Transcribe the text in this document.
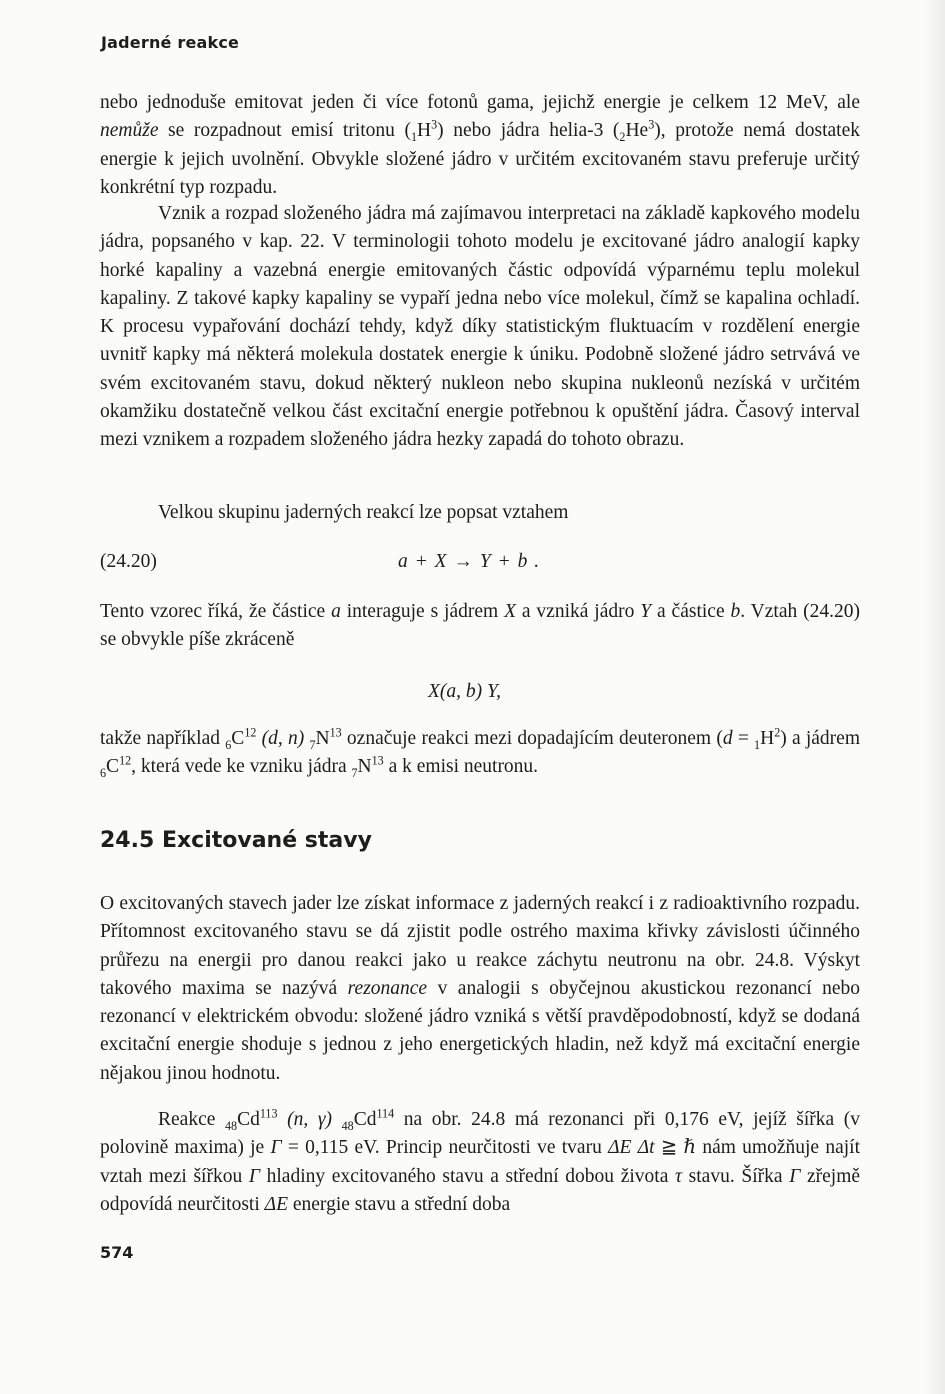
Jaderné reakce

nebo jednoduše emitovat jeden či více fotonů gama, jejichž energie je celkem 12 MeV, ale nemůže se rozpadnout emisí tritonu $(_1H^3)$ nebo jádra helia-3 $(_2He^3)$, protože nemá dostatek energie k jejich uvolnění. Obvykle složené jádro v určitém excitovaném stavu preferuje určitý konkrétní typ rozpadu.

Vznik a rozpad složeného jádra má zajímavou interpretaci na základě kapkového modelu jádra, popsaného v kap. 22. V terminologii tohoto modelu je excitované jádro analogií kapky horké kapaliny a vazebná energie emitovaných částic odpovídá výparnému teplu molekul kapaliny. Z takové kapky kapaliny se vypaří jedna nebo více molekul, čímž se kapalina ochladí. K procesu vypařování dochází tehdy, když díky statistickým fluktuacím v rozdělení energie uvnitř kapky má některá molekula dostatek energie k úniku. Podobně složené jádro setrvává ve svém excitovaném stavu, dokud některý nukleon nebo skupina nukleonů nezíská v určitém okamžiku dostatečně velkou část excitační energie potřebnou k opuštění jádra. Časový interval mezi vznikem a rozpadem složeného jádra hezky zapadá do tohoto obrazu.

Velkou skupinu jaderných reakcí lze popsat vztahem

(24.20)	a + X → Y + b .

Tento vzorec říká, že částice a interaguje s jádrem X a vzniká jádro Y a částice b. Vztah (24.20) se obvykle píše zkráceně

X(a, b) Y,

takže například $_6C^{12}$ (d, n) $_7N^{13}$ označuje reakci mezi dopadajícím deuteronem $(d = _1H^2)$ a jádrem $_6C^{12}$, která vede ke vzniku jádra $_7N^{13}$ a k emisi neutronu.

24.5 Excitované stavy

O excitovaných stavech jader lze získat informace z jaderných reakcí i z radioaktivního rozpadu. Přítomnost excitovaného stavu se dá zjistit podle ostrého maxima křivky závislosti účinného průřezu na energii pro danou reakci jako u reakce záchytu neutronu na obr. 24.8. Výskyt takového maxima se nazývá rezonance v analogii s obyčejnou akustickou rezonancí nebo rezonancí v elektrickém obvodu: složené jádro vzniká s větší pravděpodobností, když se dodaná excitační energie shoduje s jednou z jeho energetických hladin, než když má excitační energie nějakou jinou hodnotu.

Reakce $_{48}Cd^{113}$ (n, γ) $_{48}Cd^{114}$ na obr. 24.8 má rezonanci při 0,176 eV, jejíž šířka (v polovině maxima) je Γ = 0,115 eV. Princip neurčitosti ve tvaru ΔE Δt ≧ ℏ nám umožňuje najít vztah mezi šířkou Γ hladiny excitovaného stavu a střední dobou života τ stavu. Šířka Γ zřejmě odpovídá neurčitosti ΔE energie stavu a střední doba

574
